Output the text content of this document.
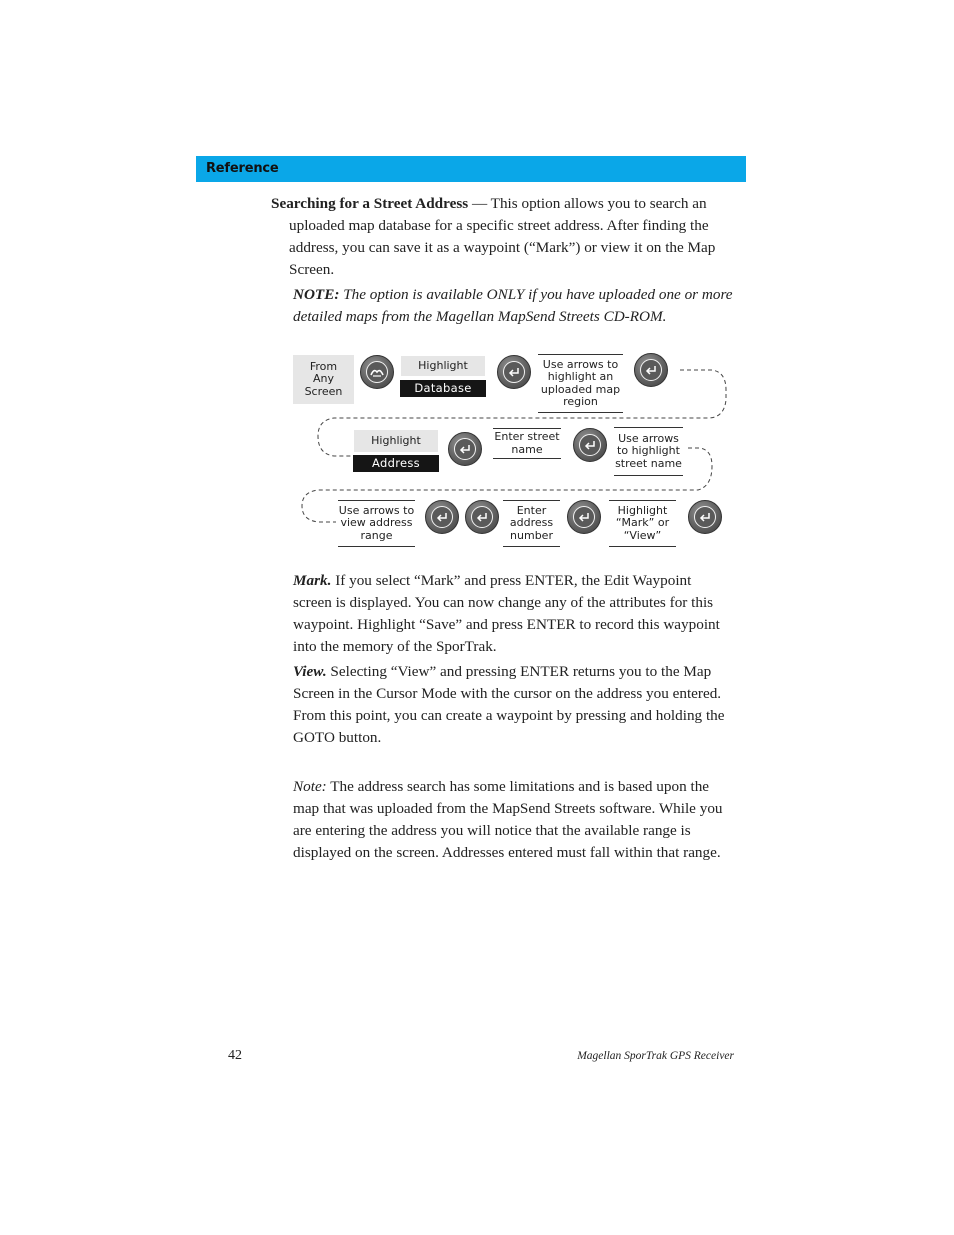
Reference
Searching for a Street Address — This option allows you to search an uploaded map database for a specific street address. After finding the address, you can save it as a waypoint (“Mark”) or view it on the Map Screen.
NOTE: The option is available ONLY if you have uploaded one or more detailed maps from the Magellan MapSend Streets CD-ROM.
From
Any
Screen
Highlight
Database
Use arrows to
highlight an
uploaded map
region
Highlight
Address
Enter street
name
Use arrows
to highlight
street name
Use arrows to
view address
range
Enter
address
number
Highlight
“Mark” or
“View”
Mark. If you select “Mark” and press ENTER, the Edit Waypoint screen is displayed. You can now change any of the attributes for this waypoint. Highlight “Save” and press ENTER to record this waypoint into the memory of the SporTrak.
View. Selecting “View” and pressing ENTER returns you to the Map Screen in the Cursor Mode with the cursor on the address you entered. From this point, you can create a waypoint by pressing and holding the GOTO button.
Note: The address search has some limitations and is based upon the map that was uploaded from the MapSend Streets software. While you are entering the address you will notice that the available range is displayed on the screen. Addresses entered must fall within that range.
42	Magellan SporTrak GPS Receiver
